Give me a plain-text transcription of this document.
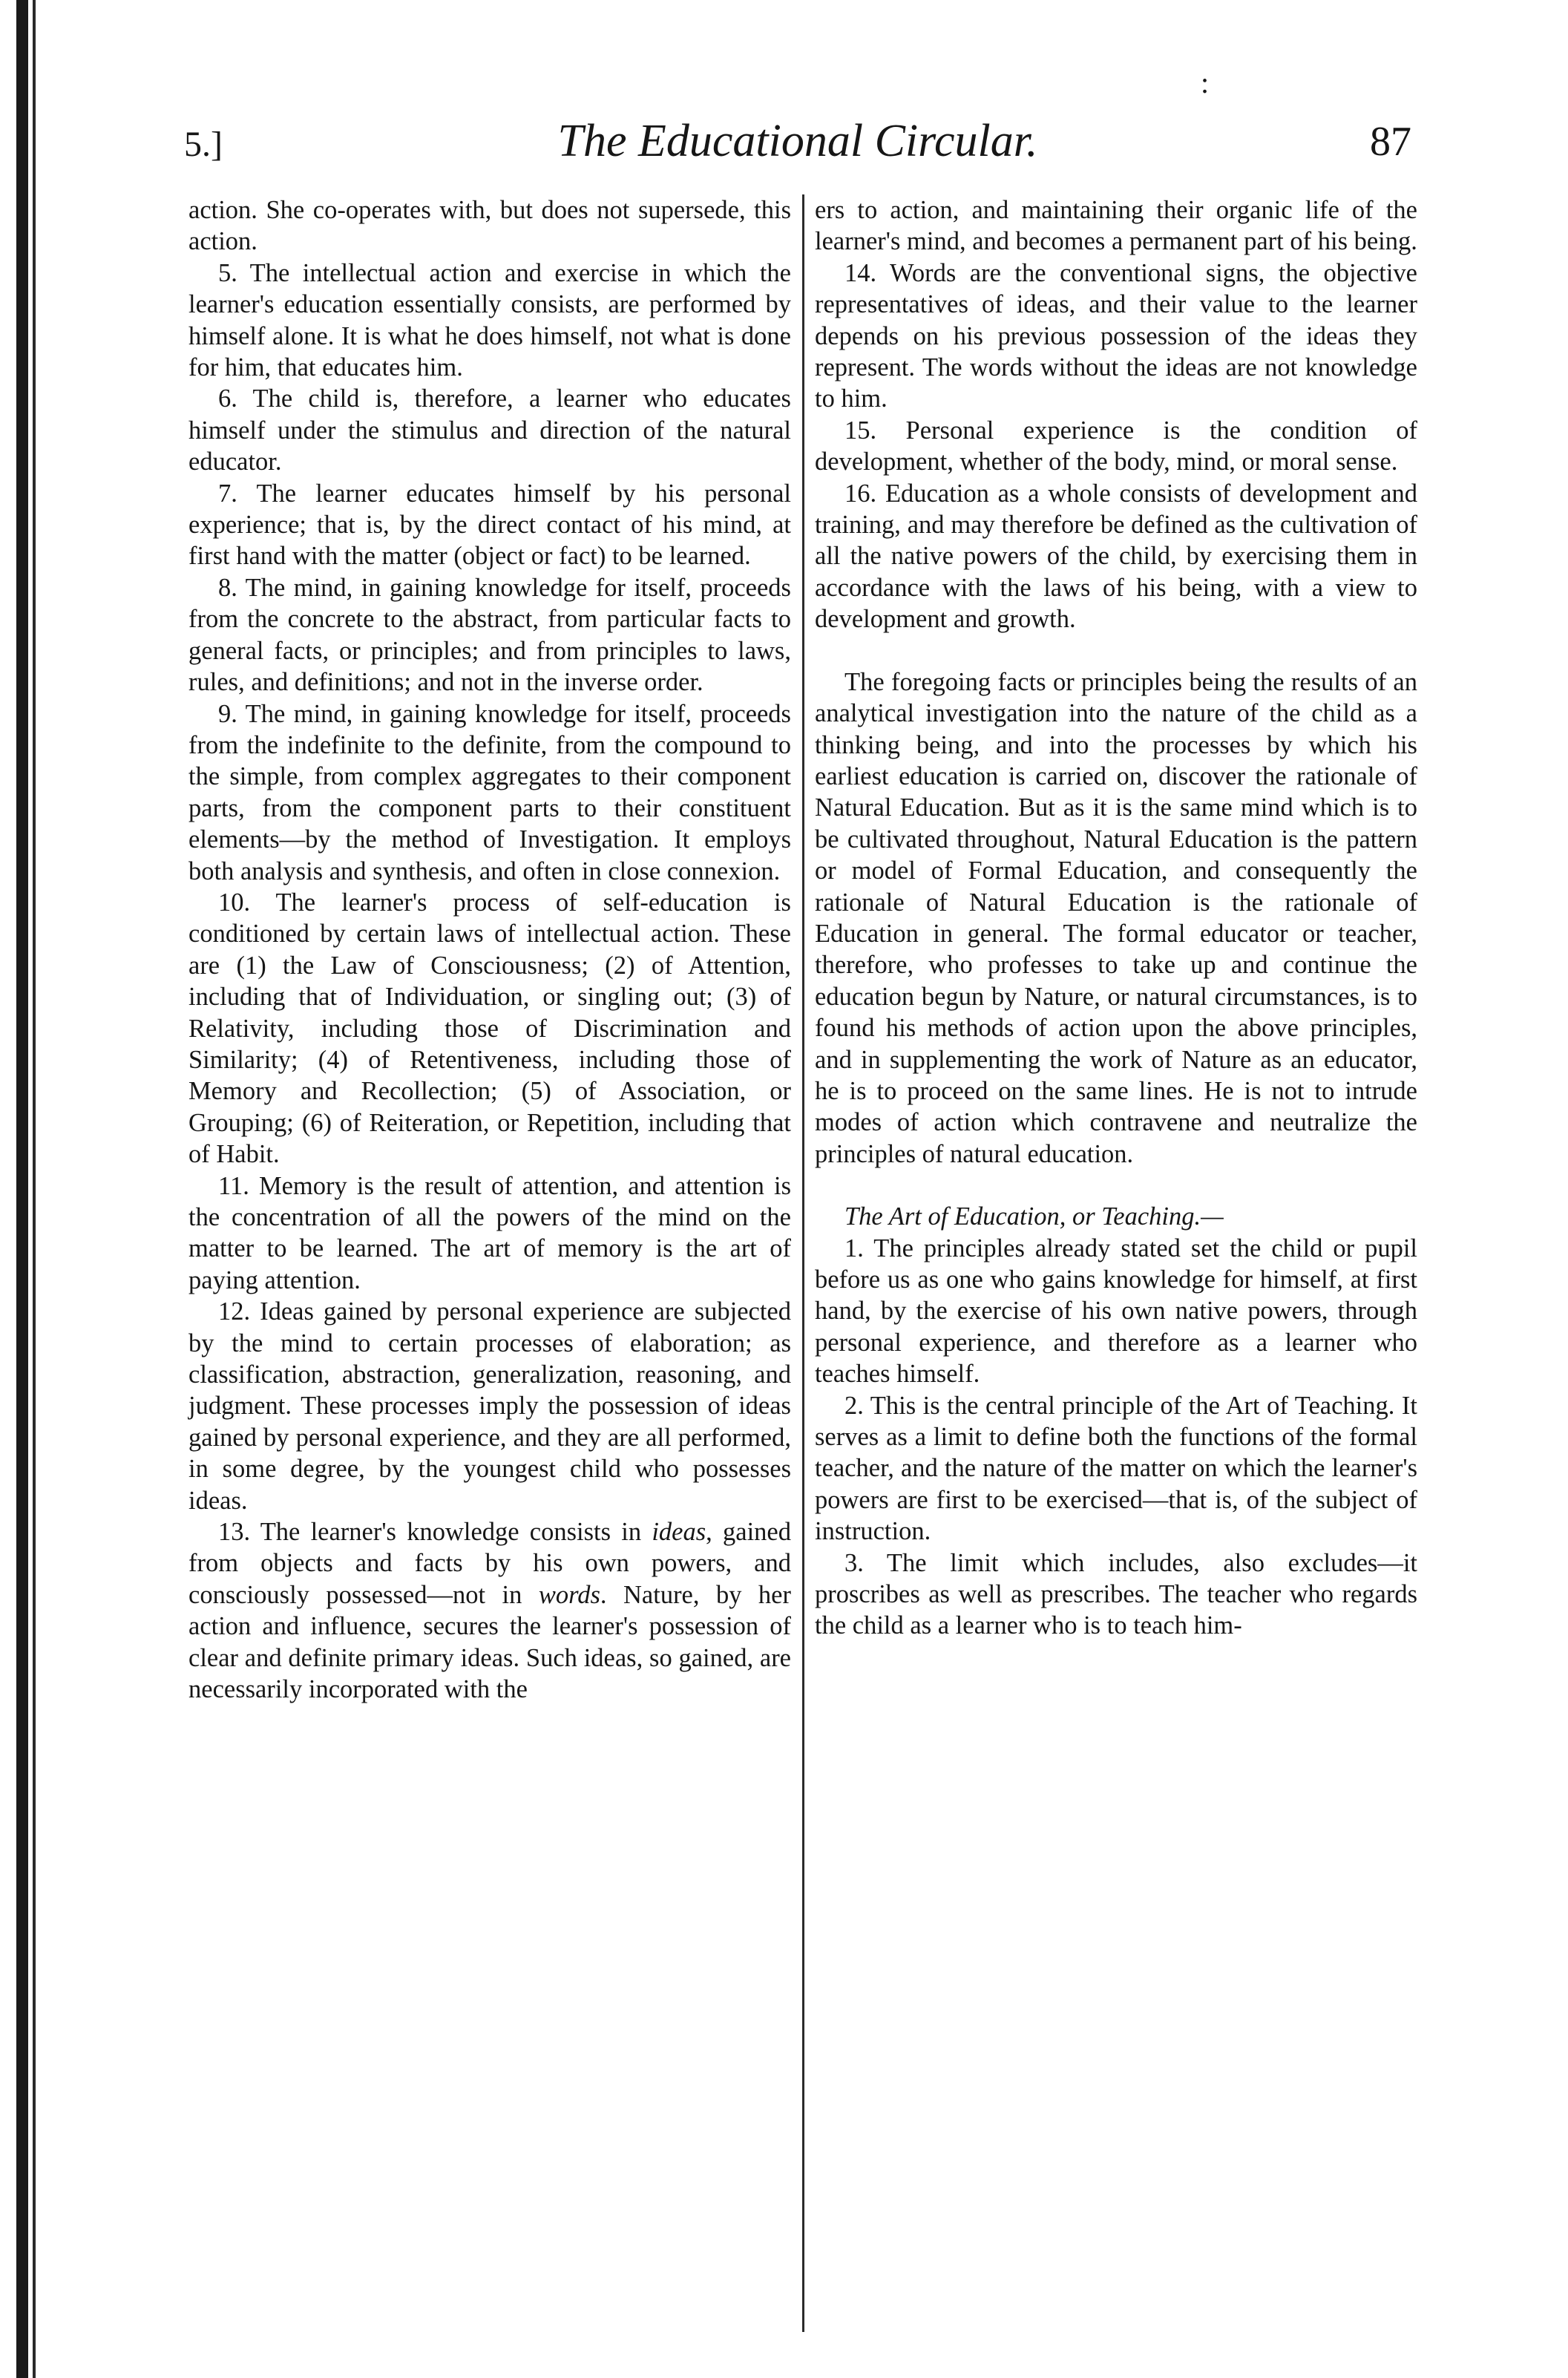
:
5.]	The Educational Circular.	87

action. She co-operates with, but does not supersede, this action.

5. The intellectual action and exercise in which the learner's education essentially consists, are performed by himself alone. It is what he does himself, not what is done for him, that educates him.

6. The child is, therefore, a learner who educates himself under the stimulus and direction of the natural educator.

7. The learner educates himself by his personal experience; that is, by the direct contact of his mind, at first hand with the matter (object or fact) to be learned.

8. The mind, in gaining knowledge for itself, proceeds from the concrete to the abstract, from particular facts to general facts, or principles; and from principles to laws, rules, and definitions; and not in the inverse order.

9. The mind, in gaining knowledge for itself, proceeds from the indefinite to the definite, from the compound to the simple, from complex aggregates to their component parts, from the component parts to their constituent elements—by the method of Investigation. It employs both analysis and synthesis, and often in close connexion.

10. The learner's process of self-education is conditioned by certain laws of intellectual action. These are (1) the Law of Consciousness; (2) of Attention, including that of Individuation, or singling out; (3) of Relativity, including those of Discrimination and Similarity; (4) of Retentiveness, including those of Memory and Recollection; (5) of Association, or Grouping; (6) of Reiteration, or Repetition, including that of Habit.

11. Memory is the result of attention, and attention is the concentration of all the powers of the mind on the matter to be learned. The art of memory is the art of paying attention.

12. Ideas gained by personal experience are subjected by the mind to certain processes of elaboration; as classification, abstraction, generalization, reasoning, and judgment. These processes imply the possession of ideas gained by personal experience, and they are all performed, in some degree, by the youngest child who possesses ideas.

13. The learner's knowledge consists in ideas, gained from objects and facts by his own powers, and consciously possessed—not in words. Nature, by her action and influence, secures the learner's possession of clear and definite primary ideas. Such ideas, so gained, are necessarily incorporated with the

ers to action, and maintaining their organic life of the learner's mind, and becomes a permanent part of his being.

14. Words are the conventional signs, the objective representatives of ideas, and their value to the learner depends on his previous possession of the ideas they represent. The words without the ideas are not knowledge to him.

15. Personal experience is the condition of development, whether of the body, mind, or moral sense.

16. Education as a whole consists of development and training, and may therefore be defined as the cultivation of all the native powers of the child, by exercising them in accordance with the laws of his being, with a view to development and growth.

The foregoing facts or principles being the results of an analytical investigation into the nature of the child as a thinking being, and into the processes by which his earliest education is carried on, discover the rationale of Natural Education. But as it is the same mind which is to be cultivated throughout, Natural Education is the pattern or model of Formal Education, and consequently the rationale of Natural Education is the rationale of Education in general. The formal educator or teacher, therefore, who professes to take up and continue the education begun by Nature, or natural circumstances, is to found his methods of action upon the above principles, and in supplementing the work of Nature as an educator, he is to proceed on the same lines. He is not to intrude modes of action which contravene and neutralize the principles of natural education.

The Art of Education, or Teaching.—

1. The principles already stated set the child or pupil before us as one who gains knowledge for himself, at first hand, by the exercise of his own native powers, through personal experience, and therefore as a learner who teaches himself.

2. This is the central principle of the Art of Teaching. It serves as a limit to define both the functions of the formal teacher, and the nature of the matter on which the learner's powers are first to be exercised—that is, of the subject of instruction.

3. The limit which includes, also excludes—it proscribes as well as prescribes. The teacher who regards the child as a learner who is to teach him-
